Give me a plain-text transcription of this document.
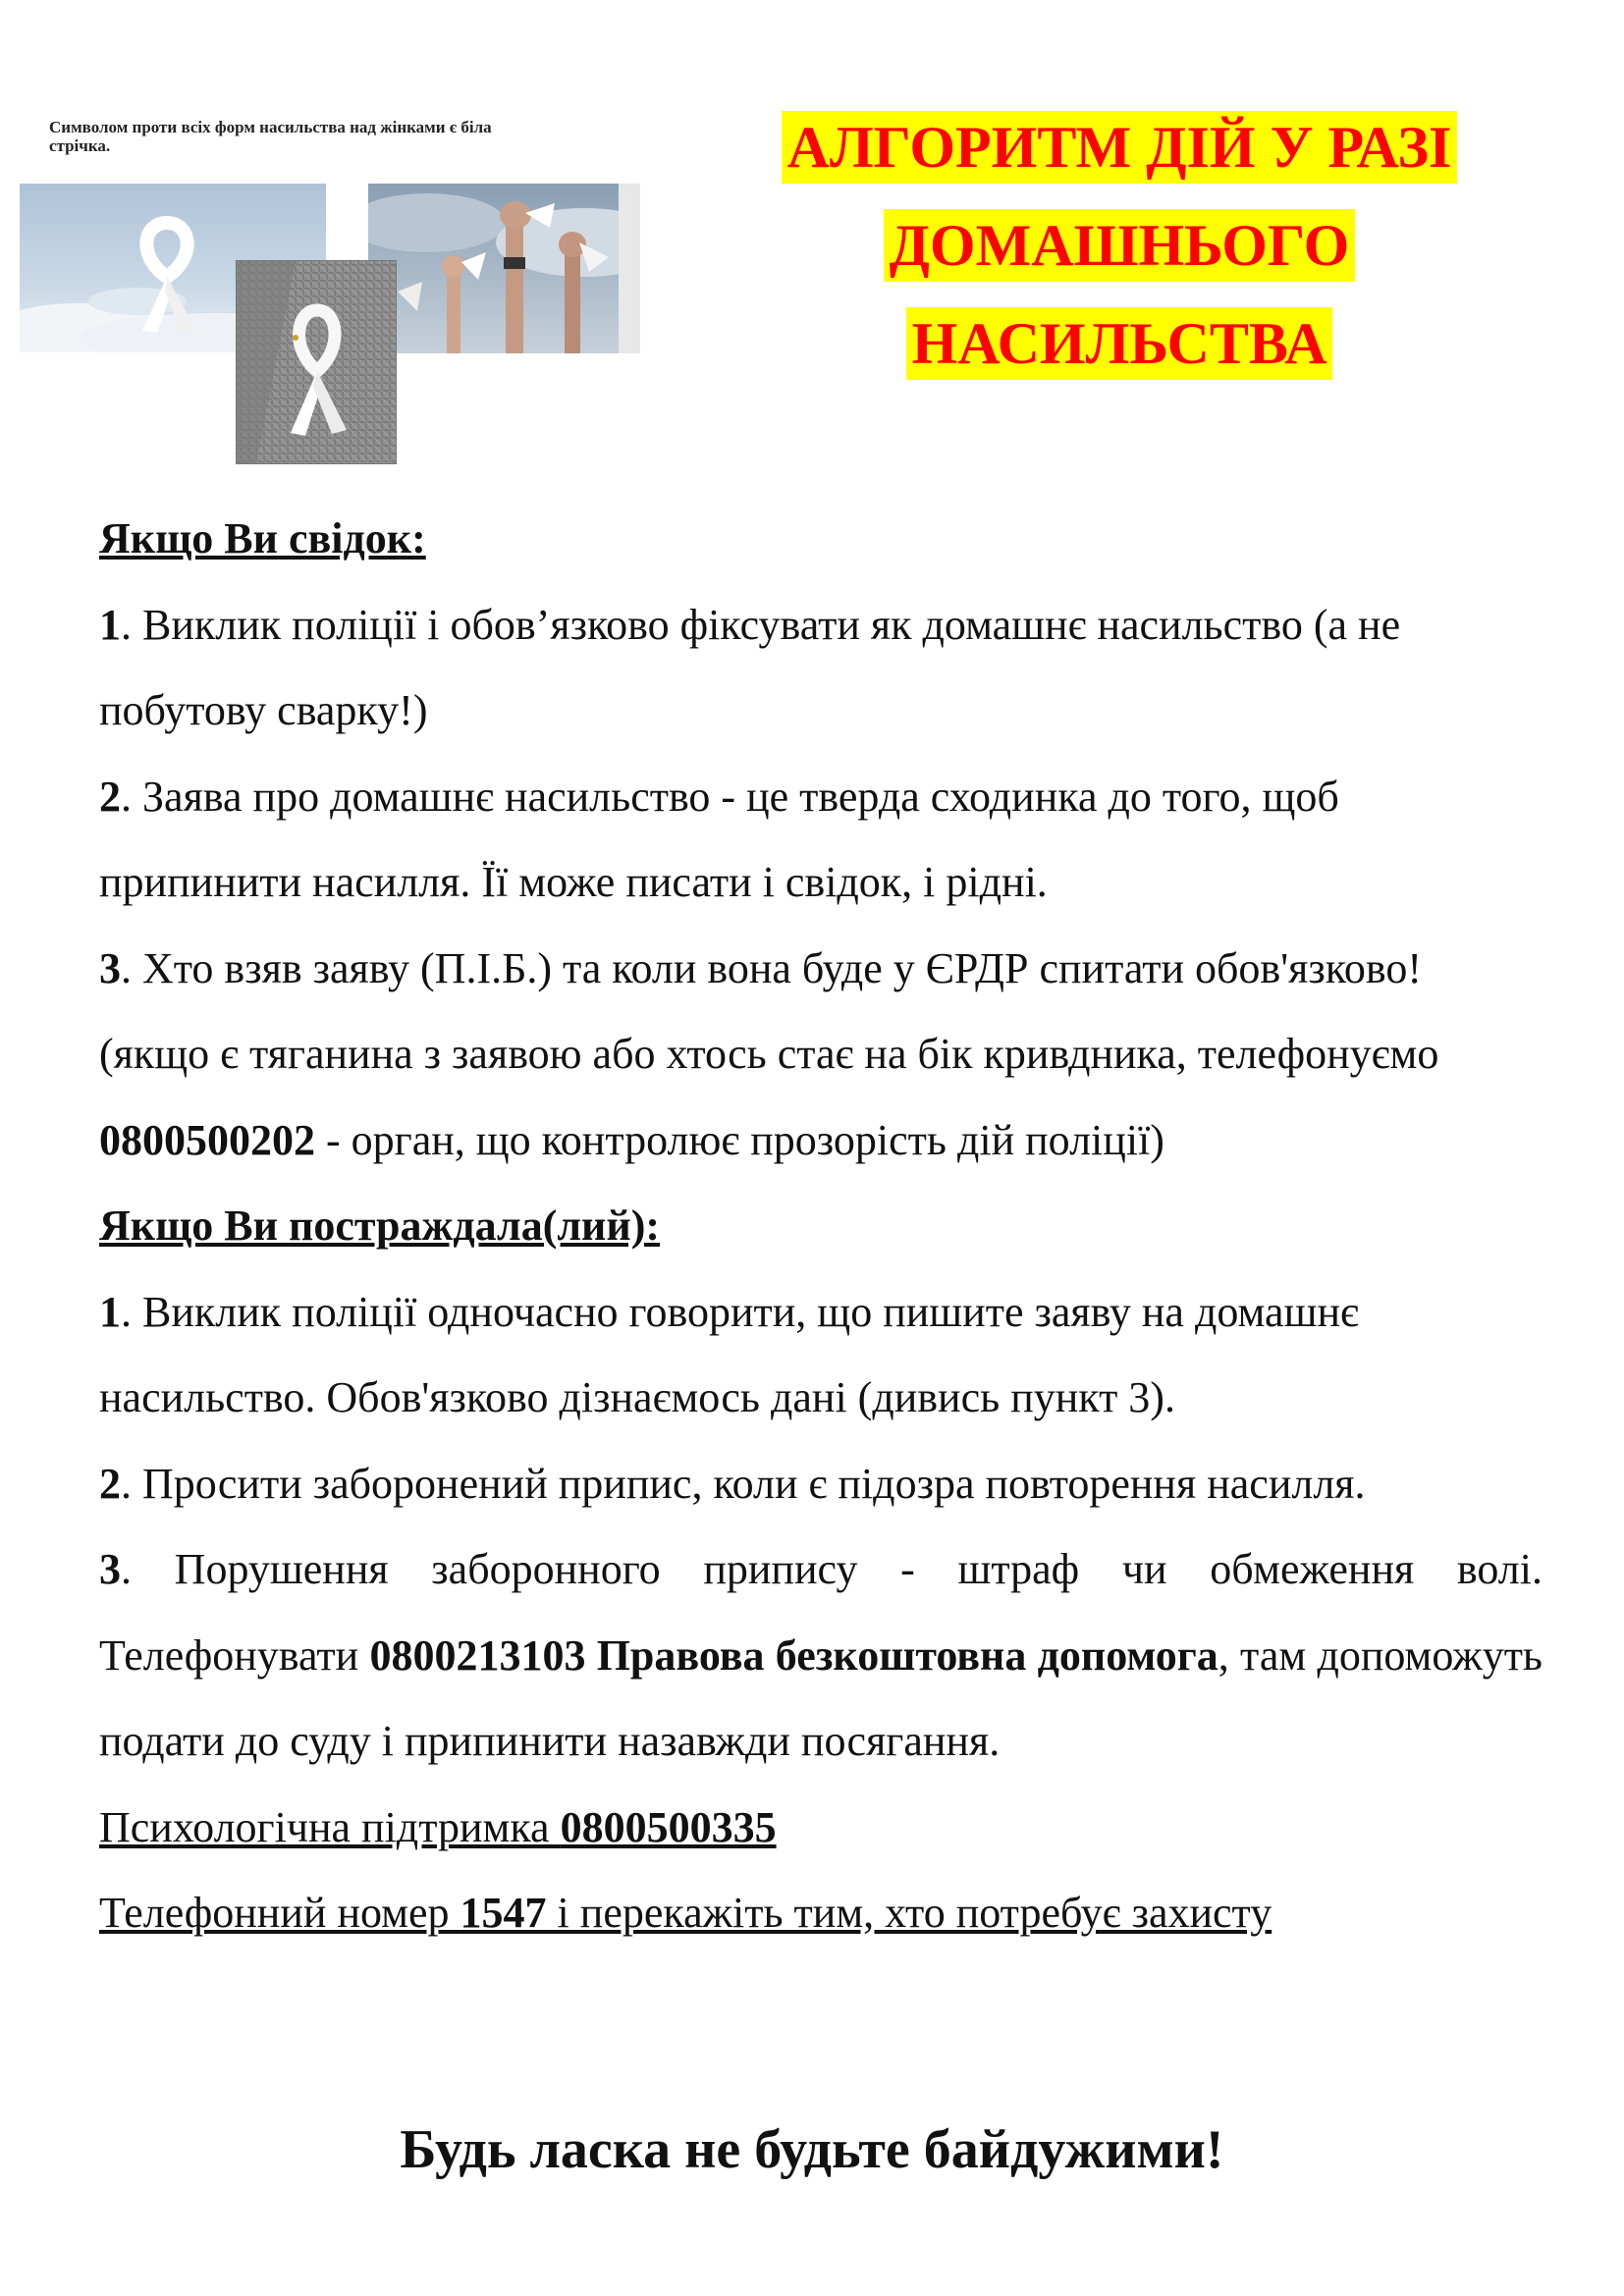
Символом проти всіх форм насильства над жінками є біла стрічка.	АЛГОРИТМ ДІЙ У РАЗІ
ДОМАШНЬОГО
НАСИЛЬСТВА

Якщо Ви свідок:

1. Виклик поліції і обов’язково фіксувати як домашнє насильство (а не побутову сварку!)

2. Заява про домашнє насильство - це тверда сходинка до того, щоб припинити насилля. Її може писати і свідок, і рідні.

3. Хто взяв заяву (П.І.Б.) та коли вона буде у ЄРДР спитати обов'язково! (якщо є тяганина з заявою або хтось стає на бік кривдника, телефонуємо 0800500202 - орган, що контролює прозорість дій поліції)

Якщо Ви постраждала(лий):

1. Виклик поліції одночасно говорити, що пишите заяву на домашнє насильство. Обов'язково дізнаємось дані (дивись пункт 3).

2. Просити заборонений припис, коли є підозра повторення насилля.

3. Порушення заборонного припису - штраф чи обмеження волі. Телефонувати 0800213103 Правова безкоштовна допомога, там допоможуть подати до суду і припинити назавжди посягання.

Психологічна підтримка 0800500335

Телефонний номер 1547 і перекажіть тим, хто потребує захисту

Будь ласка не будьте байдужими!
